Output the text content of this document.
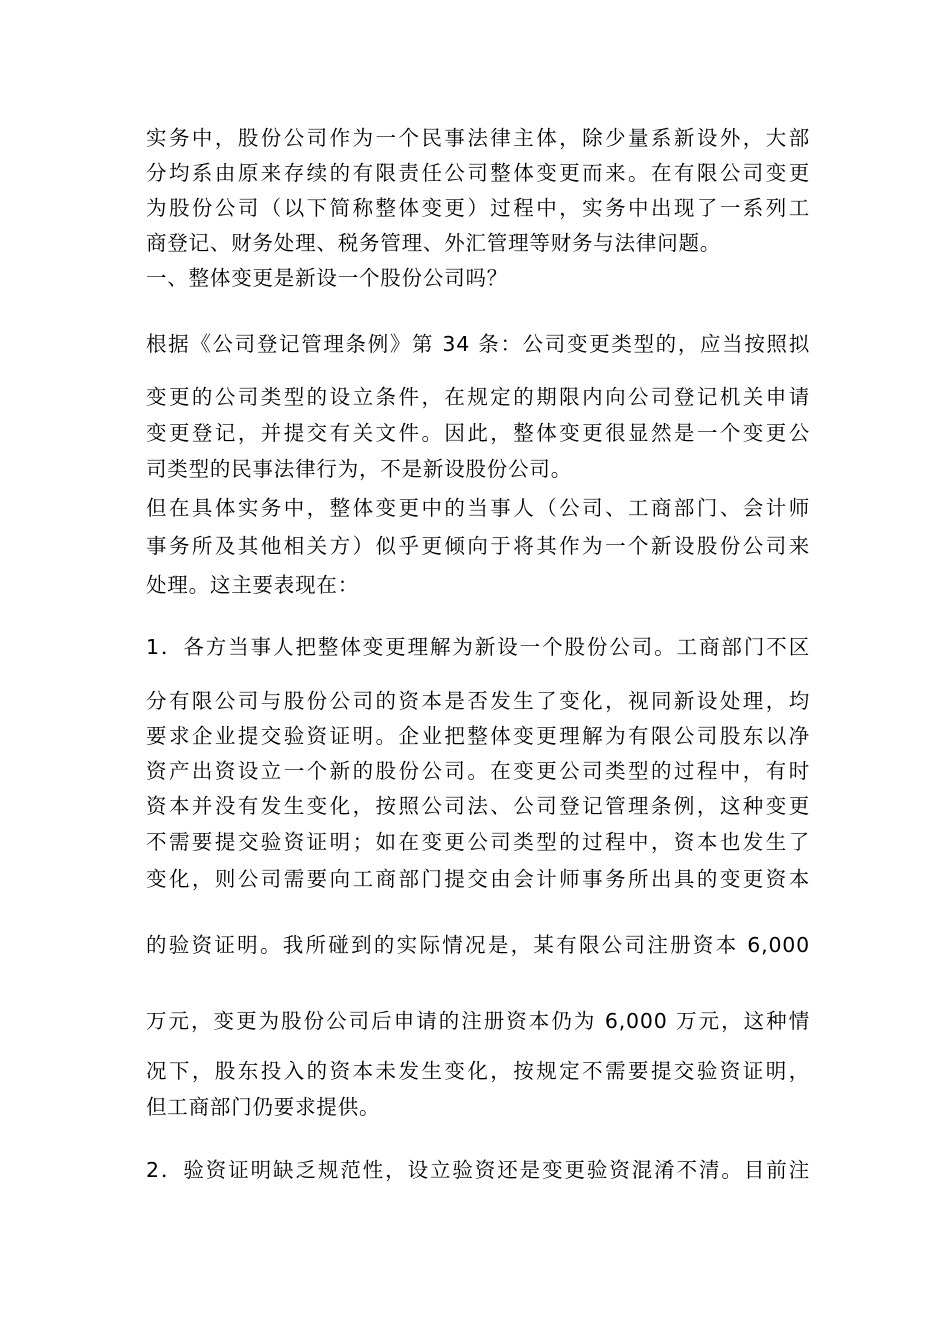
实务中，股份公司作为一个民事法律主体，除少量系新设外，大部
分均系由原来存续的有限责任公司整体变更而来。在有限公司变更
为股份公司（以下简称整体变更）过程中，实务中出现了一系列工
商登记、财务处理、税务管理、外汇管理等财务与法律问题。
一、整体变更是新设一个股份公司吗？
根据《公司登记管理条例》第 34 条：公司变更类型的，应当按照拟
变更的公司类型的设立条件，在规定的期限内向公司登记机关申请
变更登记，并提交有关文件。因此，整体变更很显然是一个变更公
司类型的民事法律行为，不是新设股份公司。
但在具体实务中，整体变更中的当事人（公司、工商部门、会计师
事务所及其他相关方）似乎更倾向于将其作为一个新设股份公司来
处理。这主要表现在：
1．各方当事人把整体变更理解为新设一个股份公司。工商部门不区
分有限公司与股份公司的资本是否发生了变化，视同新设处理，均
要求企业提交验资证明。企业把整体变更理解为有限公司股东以净
资产出资设立一个新的股份公司。在变更公司类型的过程中，有时
资本并没有发生变化，按照公司法、公司登记管理条例，这种变更
不需要提交验资证明；如在变更公司类型的过程中，资本也发生了
变化，则公司需要向工商部门提交由会计师事务所出具的变更资本
的验资证明。我所碰到的实际情况是，某有限公司注册资本 6,000
万元，变更为股份公司后申请的注册资本仍为 6,000 万元，这种情
况下，股东投入的资本未发生变化，按规定不需要提交验资证明，
但工商部门仍要求提供。
2．验资证明缺乏规范性，设立验资还是变更验资混淆不清。目前注
